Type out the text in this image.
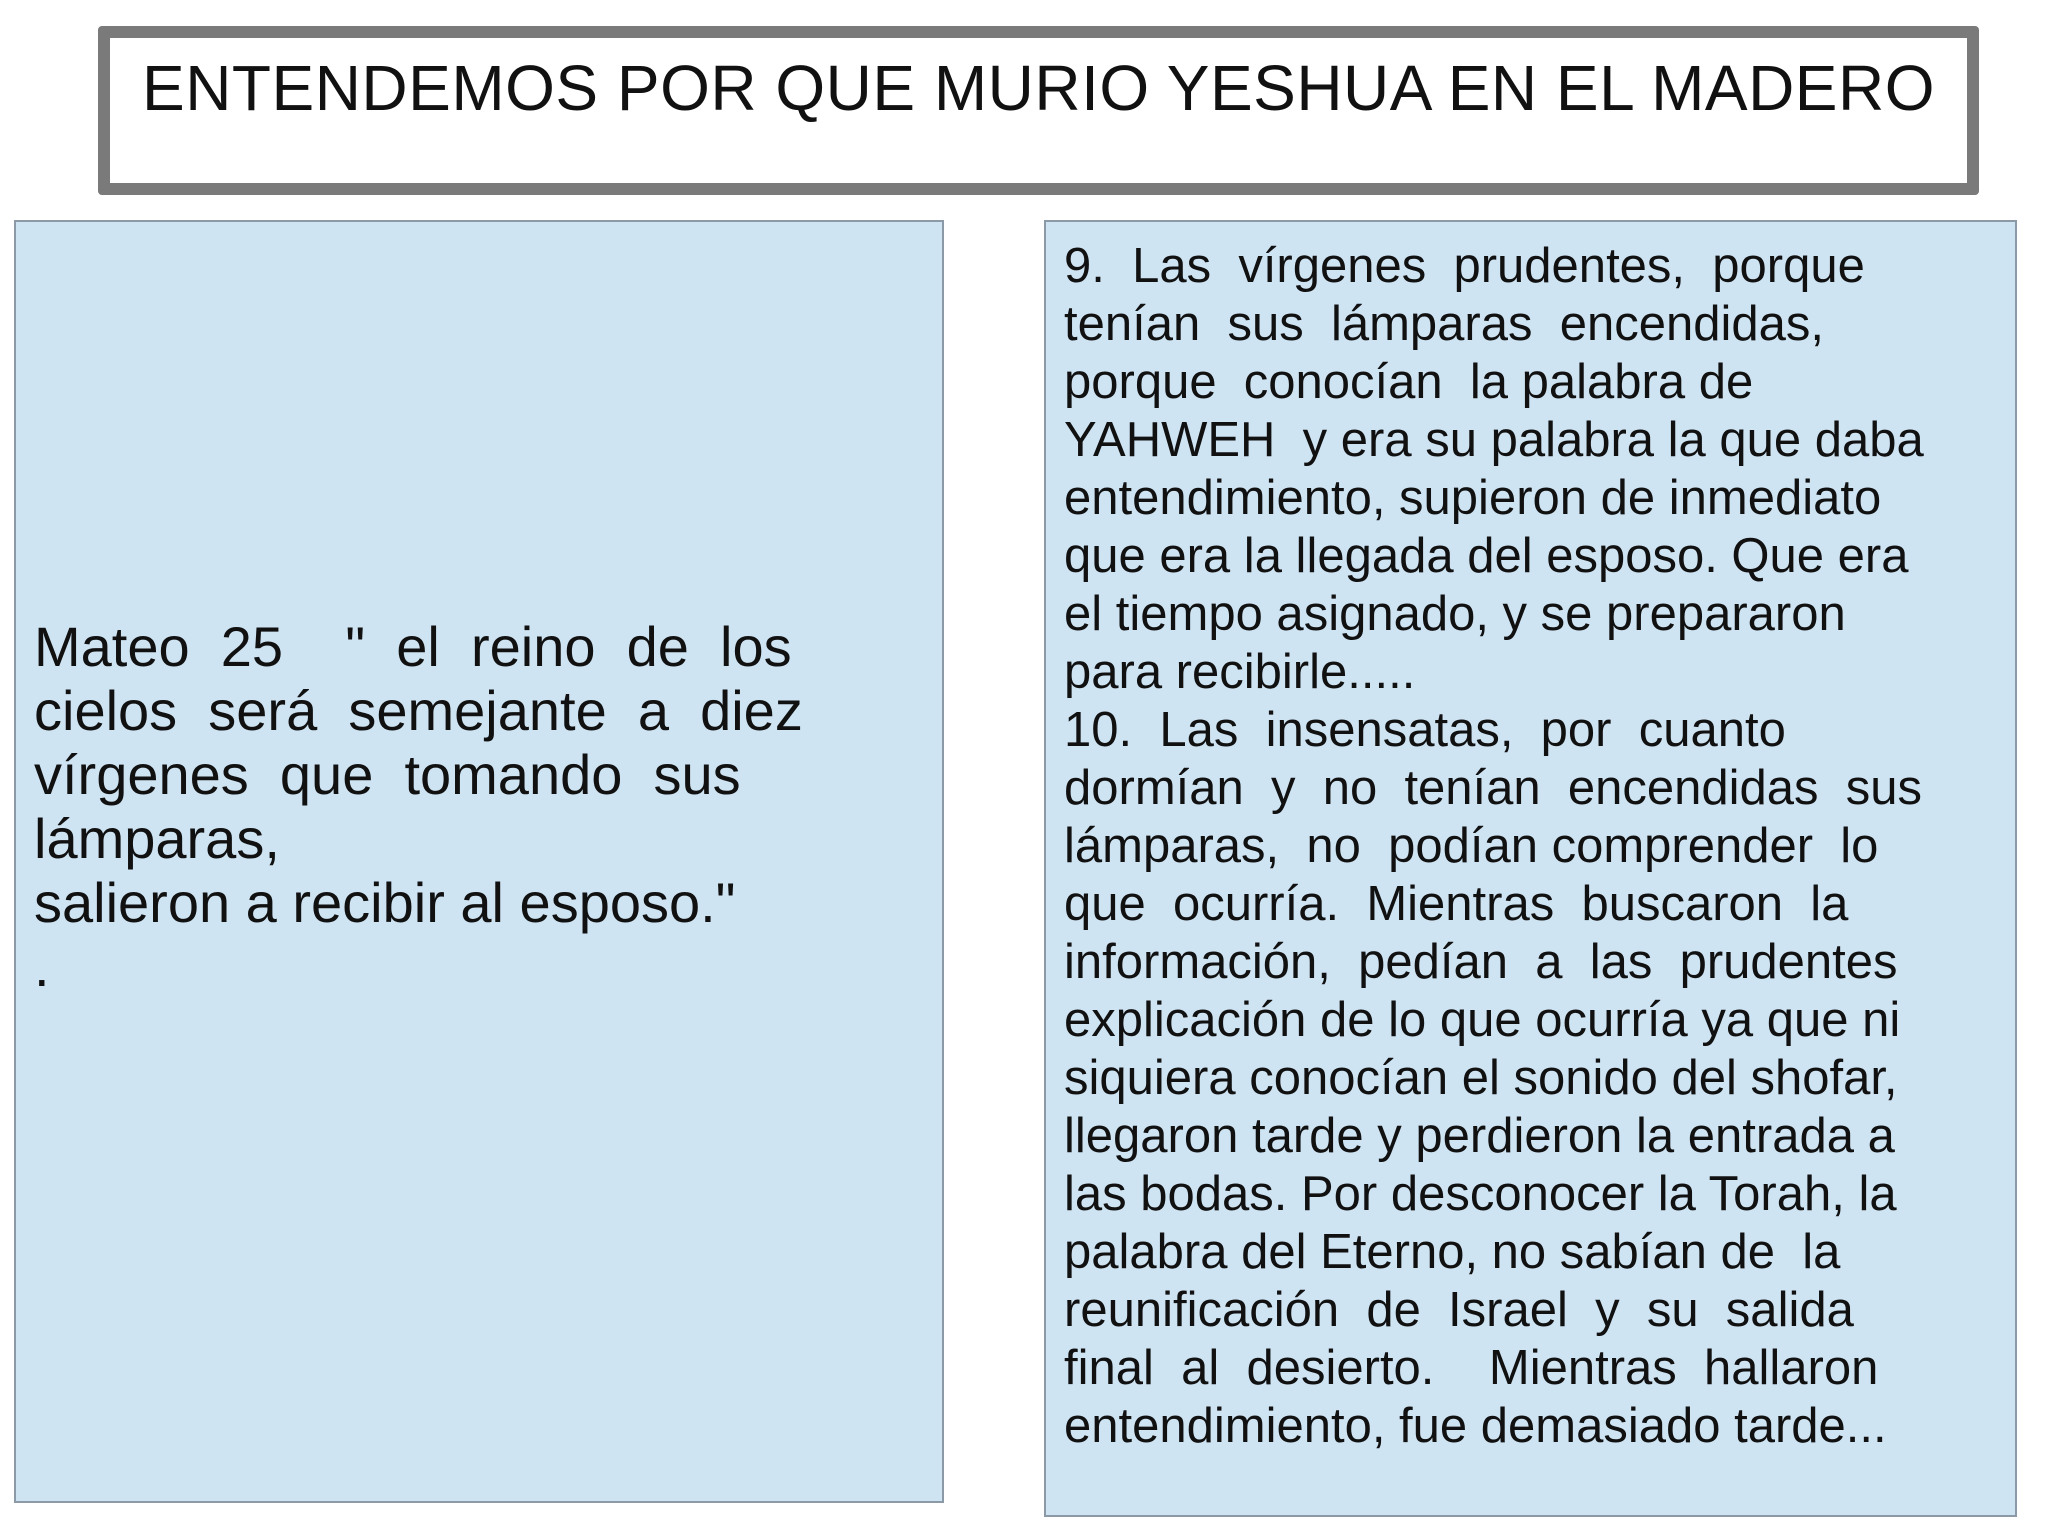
ENTENDEMOS POR QUE MURIO YESHUA EN EL MADERO
Mateo  25    "  el  reino  de  los
cielos  será  semejante  a  diez
vírgenes  que  tomando  sus
lámparas,
salieron a recibir al esposo."
.
9.  Las  vírgenes  prudentes,  porque
tenían  sus  lámparas  encendidas,
porque  conocían  la palabra de
YAHWEH  y era su palabra la que daba
entendimiento, supieron de inmediato
que era la llegada del esposo. Que era
el tiempo asignado, y se prepararon
para recibirle.....
10.  Las  insensatas,  por  cuanto
dormían  y  no  tenían  encendidas  sus
lámparas,  no  podían comprender  lo
que  ocurría.  Mientras  buscaron  la
información,  pedían  a  las  prudentes
explicación de lo que ocurría ya que ni
siquiera conocían el sonido del shofar,
llegaron tarde y perdieron la entrada a
las bodas. Por desconocer la Torah, la
palabra del Eterno, no sabían de  la
reunificación  de  Israel  y  su  salida
final  al  desierto.    Mientras  hallaron
entendimiento, fue demasiado tarde...
